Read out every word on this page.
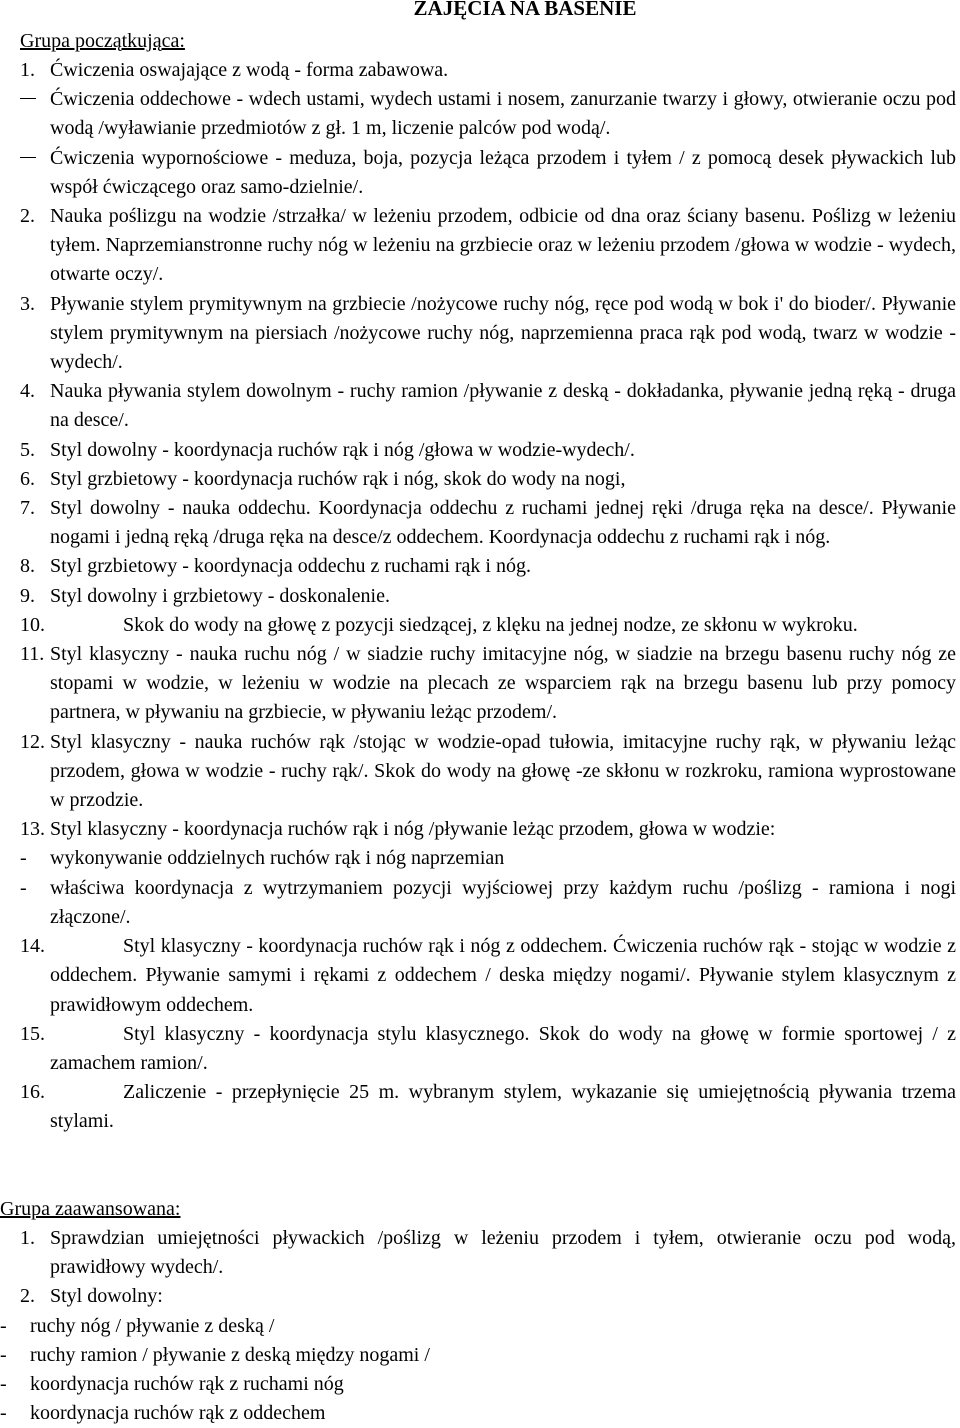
ZAJĘCIA NA BASENIE

Grupa początkująca:

1. Ćwiczenia oswajające z wodą - forma zabawowa.
Ćwiczenia oddechowe - wdech ustami, wydech ustami i nosem, zanurzanie twarzy i głowy, otwieranie oczu pod wodą /wyławianie przedmiotów z gł. 1 m, liczenie palców pod wodą/.
Ćwiczenia wypornościowe - meduza, boja, pozycja leżąca przodem i tyłem / z pomocą desek pływackich lub współ ćwiczącego oraz samo-dzielnie/.
2. Nauka poślizgu na wodzie /strzałka/ w leżeniu przodem, odbicie od dna oraz ściany basenu. Poślizg w leżeniu tyłem. Naprzemianstronne ruchy nóg w leżeniu na grzbiecie oraz w leżeniu przodem /głowa w wodzie - wydech, otwarte oczy/.
3. Pływanie stylem prymitywnym na grzbiecie /nożycowe ruchy nóg, ręce pod wodą w bok i' do bioder/. Pływanie stylem prymitywnym na piersiach /nożycowe ruchy nóg, naprzemienna praca rąk pod wodą, twarz w wodzie - wydech/.
4. Nauka pływania stylem dowolnym - ruchy ramion /pływanie z deską - dokładanka, pływanie jedną ręką - druga na desce/.
5. Styl dowolny - koordynacja ruchów rąk i nóg /głowa w wodzie-wydech/.
6. Styl grzbietowy - koordynacja ruchów rąk i nóg, skok do wody na nogi,
7. Styl dowolny - nauka oddechu. Koordynacja oddechu z ruchami jednej ręki /druga ręka na desce/. Pływanie nogami i jedną ręką /druga ręka na desce/z oddechem. Koordynacja oddechu z ruchami rąk i nóg.
8. Styl grzbietowy - koordynacja oddechu z ruchami rąk i nóg.
9. Styl dowolny i grzbietowy - doskonalenie.
10.	Skok do wody na głowę z pozycji siedzącej, z klęku na jednej nodze, ze skłonu w wykroku.
11. Styl klasyczny - nauka ruchu nóg / w siadzie ruchy imitacyjne nóg, w siadzie na brzegu basenu ruchy nóg ze stopami w wodzie, w leżeniu w wodzie na plecach ze wsparciem rąk na brzegu basenu lub przy pomocy partnera, w pływaniu na grzbiecie, w pływaniu leżąc przodem/.
12. Styl klasyczny - nauka ruchów rąk /stojąc w wodzie-opad tułowia, imitacyjne ruchy rąk, w pływaniu leżąc przodem, głowa w wodzie - ruchy rąk/. Skok do wody na głowę -ze skłonu w rozkroku, ramiona wyprostowane w przodzie.
13. Styl klasyczny - koordynacja ruchów rąk i nóg /pływanie leżąc przodem, głowa w wodzie:
-	wykonywanie oddzielnych ruchów rąk i nóg naprzemian
-	właściwa koordynacja z wytrzymaniem pozycji wyjściowej przy każdym ruchu /poślizg - ramiona i nogi złączone/.
14.	Styl klasyczny - koordynacja ruchów rąk i nóg z oddechem. Ćwiczenia ruchów rąk - stojąc w wodzie z oddechem. Pływanie samymi i rękami z oddechem / deska między nogami/. Pływanie stylem klasycznym z prawidłowym oddechem.
15.	Styl klasyczny - koordynacja stylu klasycznego. Skok do wody na głowę w formie sportowej / z zamachem ramion/.
16.	Zaliczenie - przepłynięcie 25 m. wybranym stylem, wykazanie się umiejętnością pływania trzema stylami.

Grupa zaawansowana:

1. Sprawdzian umiejętności pływackich /poślizg w leżeniu przodem i tyłem, otwieranie oczu pod wodą, prawidłowy wydech/.
2. Styl dowolny:
-	ruchy nóg / pływanie z deską /
-	ruchy ramion / pływanie z deską między nogami /
-	koordynacja ruchów rąk z ruchami nóg
-	koordynacja ruchów rąk z oddechem
